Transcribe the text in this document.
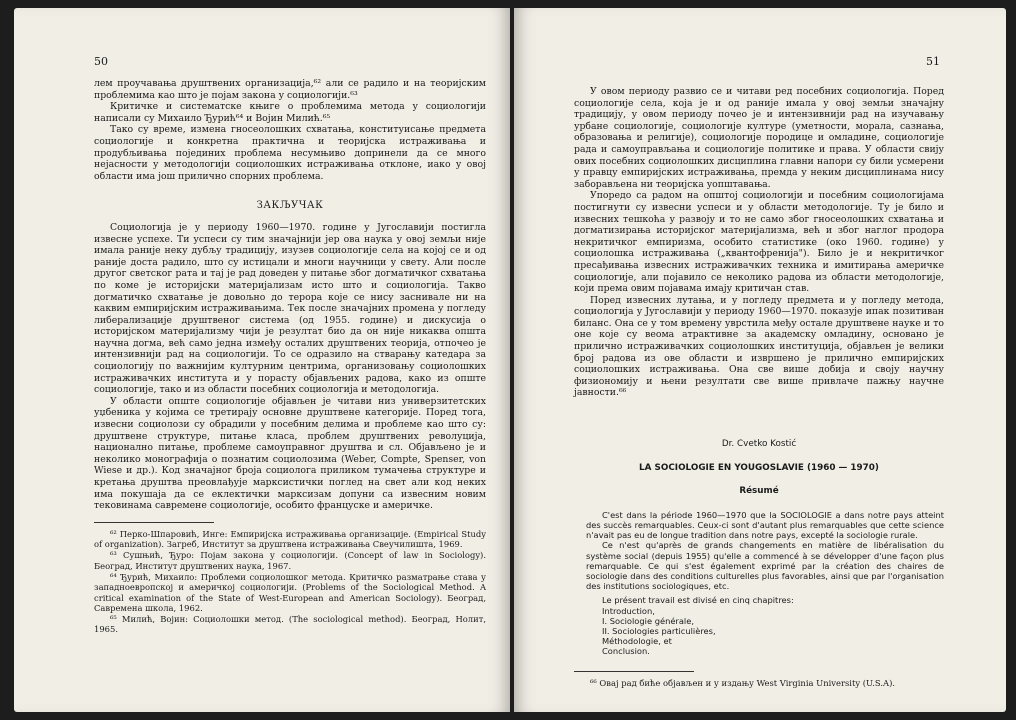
50

лем проучавања друштвених организација,⁶² али се радило и на теоријским проблемима као што је појам закона у социологији.⁶³

Критичке и систематске књиге о проблемима метода у социологији написали су Михаило Ђурић⁶⁴ и Војин Милић.⁶⁵

Тако су време, измена гносеолошких схватања, конституисање предмета социологије и конкретна практична и теоријска истраживања и продубљивања појединих проблема несумњиво допринели да се много нејасности у методологији социолошких истраживања отклоне, иако у овој области има још прилично спорних проблема.

ЗАКЉУЧАК

Социологија је у периоду 1960—1970. године у Југославији постигла извесне успехе. Ти успеси су тим значајнији јер ова наука у овој земљи није имала раније неку дубљу традицију, изузев социологије села на којој се и од раније доста радило, што су истицали и многи научници у свету. Али после другог светског рата и тај је рад доведен у питање због догматичког схватања по коме је историјски материјализам исто што и социологија. Такво догматичко схватање је довољно до терора које се нису заснивале ни на каквим емпиријским истраживањима. Тек после значајних промена у погледу либерализације друштвеног система (од 1955. године) и дискусија о историјском материјализму чији је резултат био да он није никаква општа научна догма, већ само једна између осталих друштвених теорија, отпочео је интензивнији рад на социологији. То се одразило на стварању катедара за социологију по важнијим културним центрима, организовању социолошких истраживачких института и у порасту објављених радова, како из опште социологије, тако и из области посебних социологија и методологија.

У области опште социологије објављен је читави низ универзитетских уџбеника у којима се третирају основне друштвене категорије. Поред тога, извесни социолози су обрадили у посебним делима и проблеме као што су: друштвене структуре, питање класа, проблем друштвених револуција, национално питање, проблеме самоуправног друштва и сл. Објављено је и неколико монографија о познатим социолозима (Weber, Compte, Spenser, von Wiese и др.). Код значајног броја социолога приликом тумачења структуре и кретања друштва преовлађује марксистички поглед на свет али код неких има покушаја да се еклектички марксизам допуни са извесним новим тековинама савремене социологије, особито француске и америчке.

⁶² Перко-Шпаровић, Инге: Емпиријска истраживања организације. (Empirical Study of organization). Загреб, Институт за друштвена истраживања Свеучилишта, 1969.

⁶³ Сушњић, Ђуро: Појам закона у социологији. (Concept of law in Sociology). Београд, Институт друштвених наука, 1967.

⁶⁴ Ђурић, Михаило: Проблеми социолошког метода. Критичко разматрање става у западноевропској и америчкој социологији. (Problems of the Sociological Method. A critical examination of the State of West-European and American Sociology). Београд, Савремена школа, 1962.

⁶⁵ Милић, Војин: Социолошки метод. (The sociological method). Београд, Нолит, 1965.

51

У овом периоду развио се и читави ред посебних социологија. Поред социологије села, која је и од раније имала у овој земљи значајну традицију, у овом периоду почео је и интензивнији рад на изучавању урбане социологије, социологије културе (уметности, морала, сазнања, образовања и религије), социологије породице и омладине, социологије рада и самоуправљања и социологије политике и права. У области свију ових посебних социолошких дисциплина главни напори су били усмерени у правцу емпиријских истраживања, премда у неким дисциплинама нису заборављена ни теоријска уопштавања.

Упоредо са радом на општој социологији и посебним социологијама постигнути су извесни успеси и у области методологије. Ту је било и извесних тешкоћа у развоју и то не само због гносеолошких схватања и догматизирања историјског материјализма, већ и због наглог продора некритичког емпиризма, особито статистике (око 1960. године) у социолошка истраживања („квантофренија"). Било је и некритичког пресађивања извесних истраживачких техника и имитирања америчке социологије, али појавило се неколико радова из области методологије, који према овим појавама имају критичан став.

Поред извесних лутања, и у погледу предмета и у погледу метода, социологија у Југославији у периоду 1960—1970. показује ипак позитиван биланс. Она се у том времену уврстила међу остале друштвене науке и то оне које су веома атрактивне за академску омладину, основано је прилично истраживачких социолошких институција, објављен је велики број радова из ове области и извршено је прилично емпиријских социолошких истраживања. Она све више добија и своју научну физиономију и њени резултати све више привлаче пажњу научне јавности.⁶⁶

Dr. Cvetko Kostić
LA SOCIOLOGIE EN YOUGOSLAVIE (1960 — 1970)
Résumé

C'est dans la période 1960—1970 que la SOCIOLOGIE a dans notre pays atteint des succès remarquables. Ceux-ci sont d'autant plus remarquables que cette science n'avait pas eu de longue tradition dans notre pays, excepté la sociologie rurale.

Ce n'est qu'après de grands changements en matière de libéralisation du système social (depuis 1955) qu'elle a commencé à se développer d'une façon plus remarquable. Ce qui s'est également exprimé par la création des chaires de sociologie dans des conditions culturelles plus favorables, ainsi que par l'organisation des institutions sociologiques, etc.

Le présent travail est divisé en cinq chapitres:

Introduction,
I. Sociologie générale,
II. Sociologies particulières,
Méthodologie, et
Conclusion.

⁶⁶ Овај рад биће објављен и у издању West Virginia University (U.S.A).
